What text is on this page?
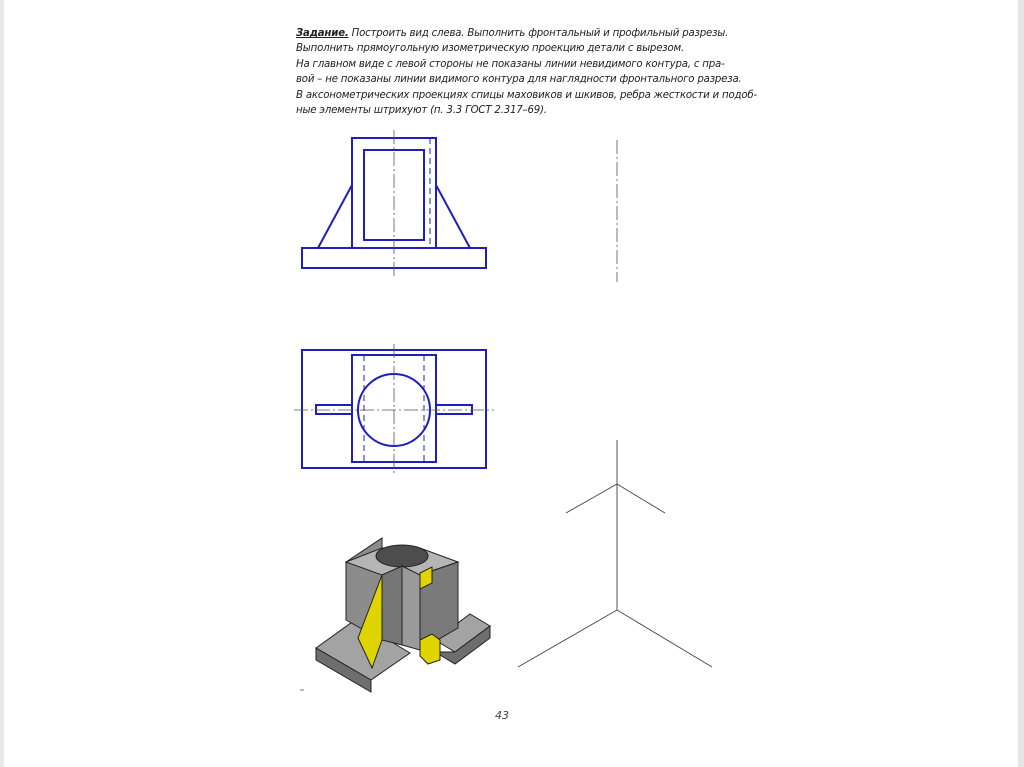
Задание. Построить вид слева. Выполнить фронтальный и профильный разрезы.
Выполнить прямоугольную изометрическую проекцию детали с вырезом.
На главном виде с левой стороны не показаны линии невидимого контура, с пра-
вой – не показаны линии видимого контура для наглядности фронтального разреза.
В аксонометрических проекциях спицы маховиков и шкивов, ребра жесткости и подоб-
ные элементы штрихуют (п. 3.3 ГОСТ 2.317–69).
43
